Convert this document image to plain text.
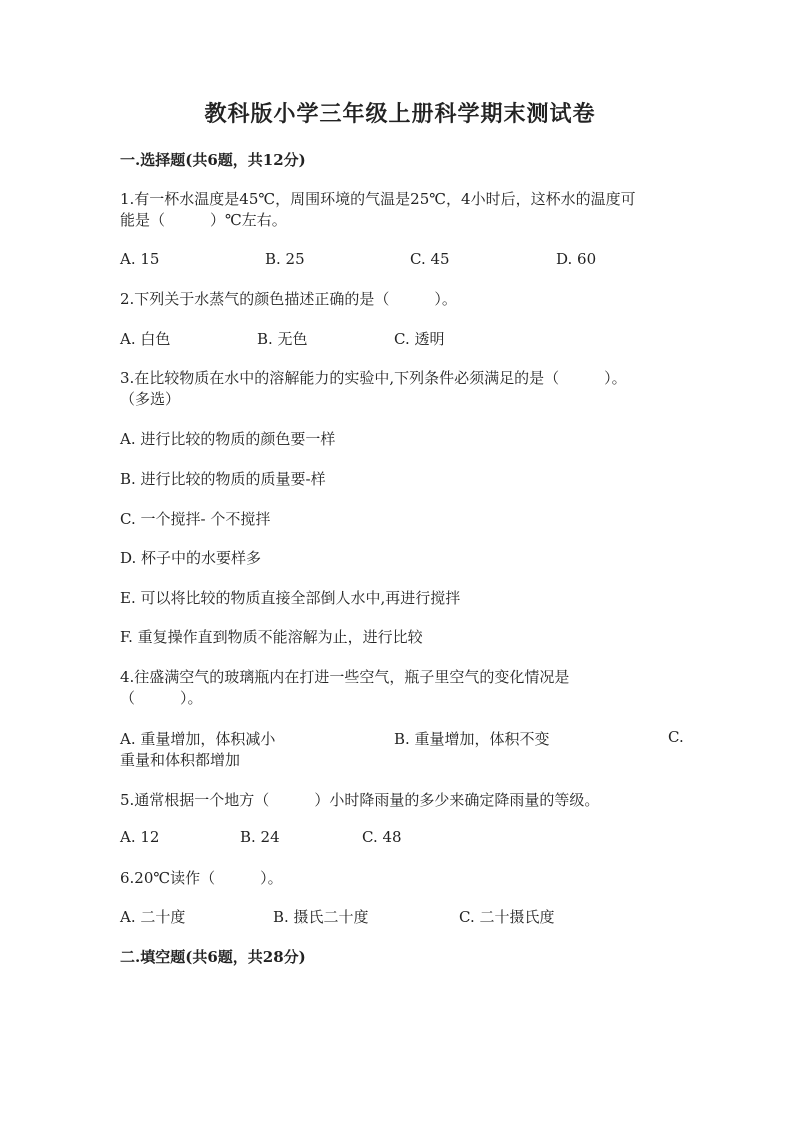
教科版小学三年级上册科学期末测试卷
一.选择题(共6题，共12分)
1.有一杯水温度是45℃，周围环境的气温是25℃，4小时后，这杯水的温度可
能是（　　　）℃左右。
A. 15	B. 25	C. 45	D. 60
2.下列关于水蒸气的颜色描述正确的是（　　　）。
A. 白色	B. 无色	C. 透明
3.在比较物质在水中的溶解能力的实验中,下列条件必须满足的是（　　　）。
（多选）
A. 进行比较的物质的颜色要一样
B. 进行比较的物质的质量要-样
C. 一个搅拌- 个不搅拌
D. 杯子中的水要样多
E. 可以将比较的物质直接全部倒人水中,再进行搅拌
F. 重复操作直到物质不能溶解为止，进行比较
4.往盛满空气的玻璃瓶内在打进一些空气，瓶子里空气的变化情况是
（　　　）。
A. 重量增加，体积减小	B. 重量增加，体积不变	C.
重量和体积都增加
5.通常根据一个地方（　　　）小时降雨量的多少来确定降雨量的等级。
A. 12	B. 24	C. 48
6.20℃读作（　　　）。
A. 二十度	B. 摄氏二十度	C. 二十摄氏度
二.填空题(共6题，共28分)
